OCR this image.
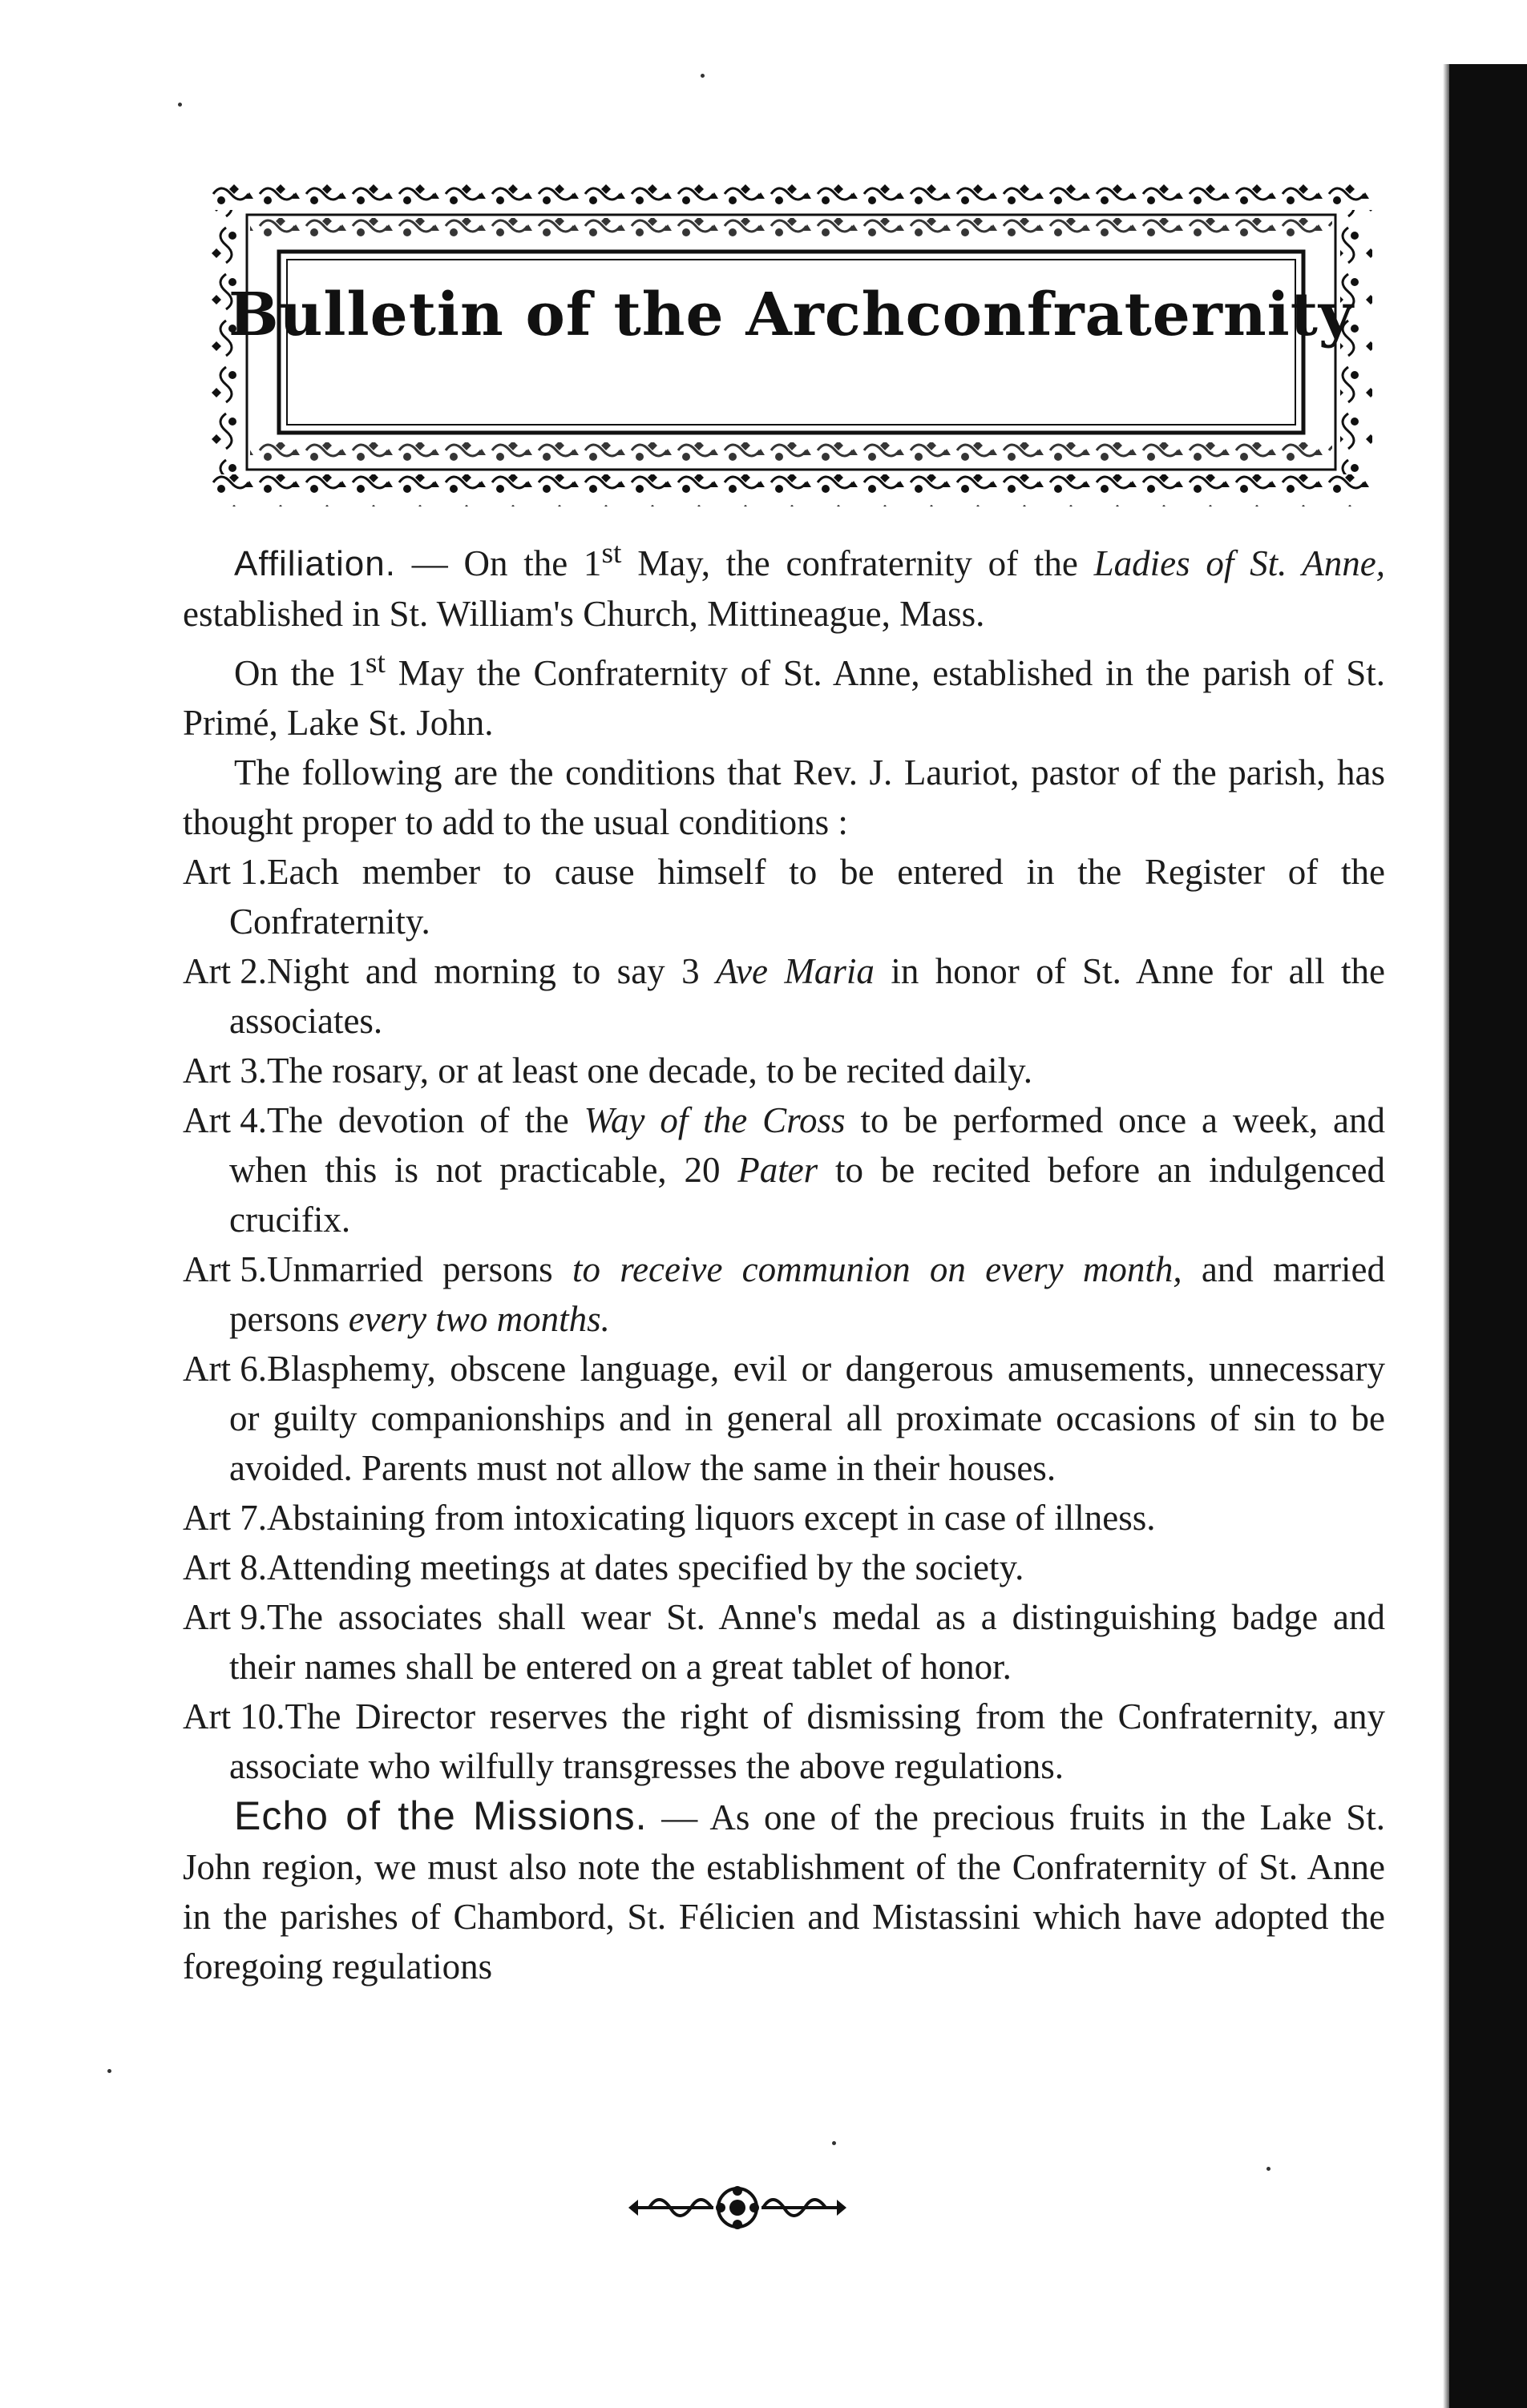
Bulletin of the Archconfraternity

Affiliation. — On the 1st May, the confraternity of the Ladies of St. Anne, established in St. William's Church, Mittineague, Mass.

On the 1st May the Confraternity of St. Anne, established in the parish of St. Primé, Lake St. John.

The following are the conditions that Rev. J. Lauriot, pastor of the parish, has thought proper to add to the usual conditions :

Art 1.Each member to cause himself to be entered in the Register of the Confraternity.

Art 2.Night and morning to say 3 Ave Maria in honor of St. Anne for all the associates.

Art 3.The rosary, or at least one decade, to be recited daily.

Art 4.The devotion of the Way of the Cross to be performed once a week, and when this is not practicable, 20 Pater to be recited before an indulgenced crucifix.

Art 5.Unmarried persons to receive communion on every month, and married persons every two months.

Art 6.Blasphemy, obscene language, evil or dangerous amusements, unnecessary or guilty companionships and in general all proximate occasions of sin to be avoided. Parents must not allow the same in their houses.

Art 7.Abstaining from intoxicating liquors except in case of illness.

Art 8.Attending meetings at dates specified by the society.

Art 9.The associates shall wear St. Anne's medal as a distinguishing badge and their names shall be entered on a great tablet of honor.

Art 10.The Director reserves the right of dismissing from the Confraternity, any associate who wilfully transgresses the above regulations.

Echo of the Missions. — As one of the precious fruits in the Lake St. John region, we must also note the establishment of the Confraternity of St. Anne in the parishes of Chambord, St. Félicien and Mistassini which have adopted the foregoing regulations
